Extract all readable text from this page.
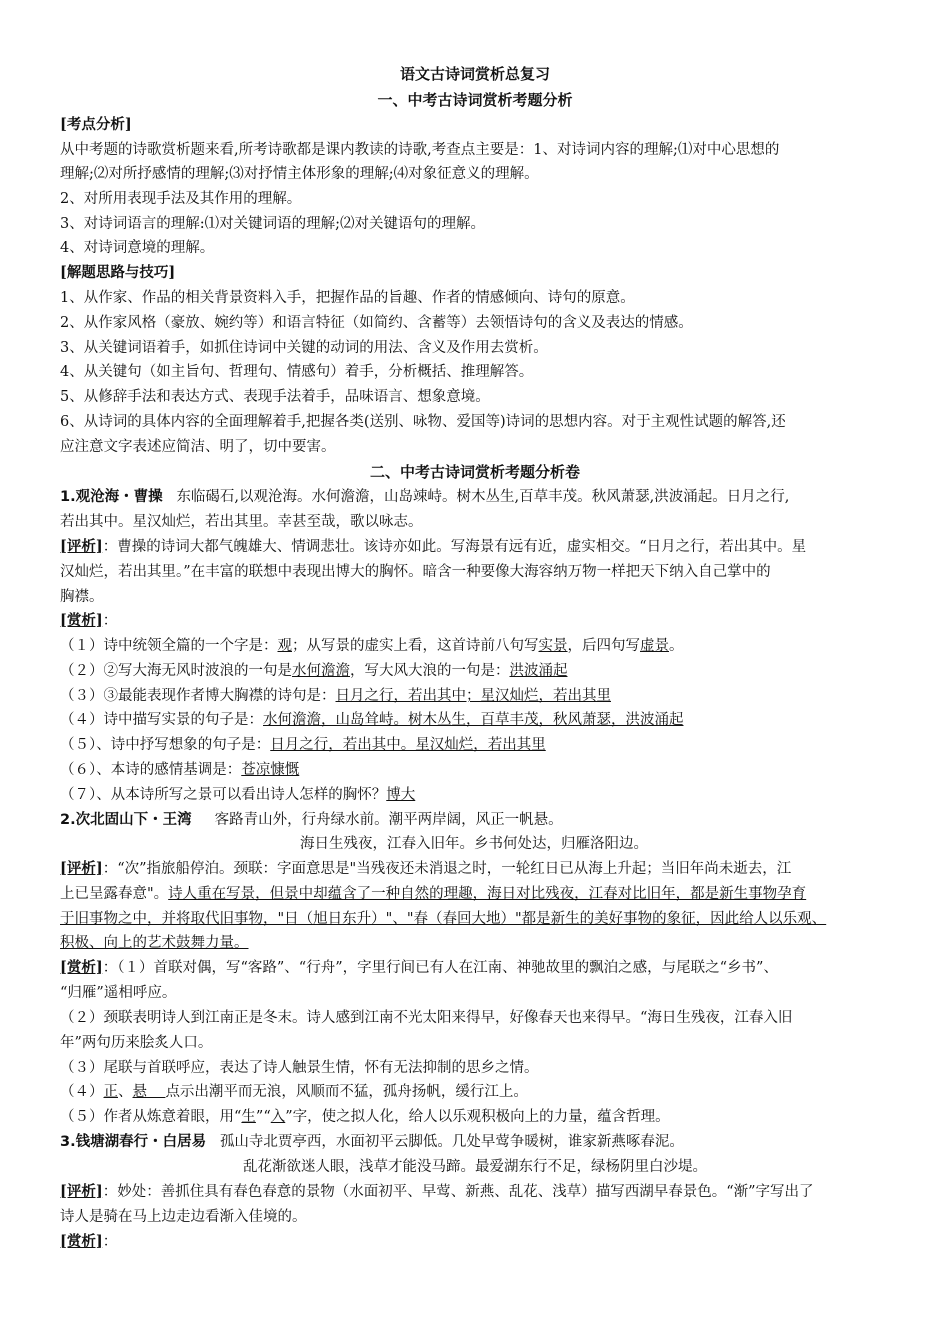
语文古诗词赏析总复习
一、中考古诗词赏析考题分析
[考点分析]
从中考题的诗歌赏析题来看,所考诗歌都是课内教读的诗歌,考查点主要是：1、对诗词内容的理解;⑴对中心思想的
理解;⑵对所抒感情的理解;⑶对抒情主体形象的理解;⑷对象征意义的理解。
2、对所用表现手法及其作用的理解。
3、对诗词语言的理解:⑴对关键词语的理解;⑵对关键语句的理解。
4、对诗词意境的理解。
[解题思路与技巧]
1、从作家、作品的相关背景资料入手，把握作品的旨趣、作者的情感倾向、诗句的原意。
2、从作家风格（豪放、婉约等）和语言特征（如简约、含蓄等）去领悟诗句的含义及表达的情感。
3、从关键词语着手，如抓住诗词中关键的动词的用法、含义及作用去赏析。
4、从关键句（如主旨句、哲理句、情感句）着手，分析概括、推理解答。
5、从修辞手法和表达方式、表现手法着手，品味语言、想象意境。
6、从诗词的具体内容的全面理解着手,把握各类(送别、咏物、爱国等)诗词的思想内容。对于主观性试题的解答,还
应注意文字表述应简洁、明了，切中要害。
二、中考古诗词赏析考题分析卷
1.观沧海・曹操 东临碣石,以观沧海。水何澹澹，山岛竦峙。树木丛生,百草丰茂。秋风萧瑟,洪波涌起。日月之行,
若出其中。星汉灿烂，若出其里。幸甚至哉，歌以咏志。
[评析]：曹操的诗词大都气魄雄大、情调悲壮。该诗亦如此。写海景有远有近，虚实相交。“日月之行，若出其中。星
汉灿烂，若出其里。”在丰富的联想中表现出博大的胸怀。暗含一种要像大海容纳万物一样把天下纳入自己掌中的
胸襟。
[赏析]：
（１）诗中统领全篇的一个字是：观；从写景的虚实上看，这首诗前八句写实景，后四句写虚景。
（２）②写大海无风时波浪的一句是水何澹澹，写大风大浪的一句是：洪波涌起
（３）③最能表现作者博大胸襟的诗句是：日月之行，若出其中；星汉灿烂，若出其里
（４）诗中描写实景的句子是：水何澹澹，山岛耸峙。树木丛生，百草丰茂，秋风萧瑟，洪波涌起
（５）、诗中抒写想象的句子是：日月之行，若出其中。星汉灿烂，若出其里
（６）、本诗的感情基调是：苍凉慷慨
（７）、从本诗所写之景可以看出诗人怎样的胸怀？博大
2.次北固山下・王湾 客路青山外，行舟绿水前。潮平两岸阔，风正一帆悬。
海日生残夜，江春入旧年。乡书何处达，归雁洛阳边。
[评析]：“次”指旅船停泊。颈联：字面意思是"当残夜还未消退之时，一轮红日已从海上升起；当旧年尚未逝去，江
上已呈露春意"。诗人重在写景，但景中却蕴含了一种自然的理趣，海日对比残夜，江春对比旧年，都是新生事物孕育
于旧事物之中，并将取代旧事物，"日（旭日东升）"、"春（春回大地）"都是新生的美好事物的象征，因此给人以乐观、
积极、向上的艺术鼓舞力量。
[赏析]：（１）首联对偶，写“客路”、“行舟”，字里行间已有人在江南、神驰故里的飘泊之感，与尾联之“乡书”、
“归雁”遥相呼应。
（２）颈联表明诗人到江南正是冬末。诗人感到江南不光太阳来得早，好像春天也来得早。“海日生残夜，江春入旧
年”两句历来脍炙人口。
（３）尾联与首联呼应，表达了诗人触景生情，怀有无法抑制的思乡之情。
（４）正、悬 点示出潮平而无浪，风顺而不猛，孤舟扬帆，缓行江上。
（５）作者从炼意着眼，用“生”“入”字，使之拟人化，给人以乐观积极向上的力量，蕴含哲理。
3.钱塘湖春行・白居易 孤山寺北贾亭西，水面初平云脚低。几处早莺争暖树，谁家新燕啄春泥。
乱花渐欲迷人眼，浅草才能没马蹄。最爱湖东行不足，绿杨阴里白沙堤。
[评析]：妙处：善抓住具有春色春意的景物（水面初平、早莺、新燕、乱花、浅草）描写西湖早春景色。“渐”字写出了
诗人是骑在马上边走边看渐入佳境的。
[赏析]：
